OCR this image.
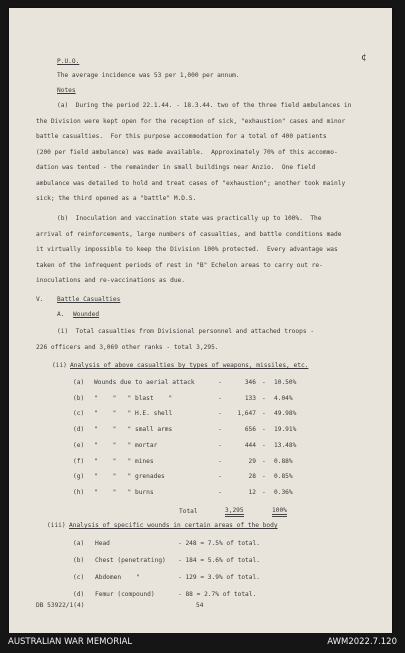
¢
P.U.O.
The average incidence was 53 per 1,000 per annum.
Notes
(a)  During the period 22.1.44. - 18.3.44. two of the three field ambulances in
the Division were kept open for the reception of sick, "exhaustion" cases and minor
battle casualties.  For this purpose accommodation for a total of 400 patients
(200 per field ambulance) was made available.  Approximately 70% of this accommo-
dation was tented - the remainder in small buildings near Anzio.  One field
ambulance was detailed to hold and treat cases of "exhaustion"; another took mainly
sick; the third opened as a "battle" M.D.S.
(b)  Inoculation and vaccination state was practically up to 100%.  The
arrival of reinforcements, large numbers of casualties, and battle conditions made
it virtually impossible to keep the Division 100% protected.  Every advantage was
taken of the infrequent periods of rest in "B" Echelon areas to carry out re-
inoculations and re-vaccinations as due.
V. Battle Casualties
A. Wounded
(i)  Total casualties from Divisional personnel and attached troops -
226 officers and 3,069 other ranks - total 3,295.
(ii) Analysis of above casualties by types of weapons, missiles, etc.
(a) Wounds due to aerial attack	346	10.50%
-	-
(b) "    "   " blast    "	133	4.04%
-	-
(c) "    "   " H.E. shell	1,647	49.98%
-	-
(d) "    "   " small arms	656	19.91%
-	-
(e) "    "   " mortar	444	13.48%
-	-
(f) "    "   " mines	29	0.88%
-	-
(g) "    "   " grenades	28	0.85%
-	-
(h) "    "   " burns	12	0.36%
-	-
Total	3,295	100%
(iii) Analysis of specific wounds in certain areas of the body
(a) Head	- 248 = 7.5% of total.
(b) Chest (penetrating) - 184 = 5.6% of total.
(c) Abdomen    "	- 129 = 3.9% of total.
(d) Femur (compound)	- 88 = 2.7% of total.
DB 53922/1(4)	54
AUSTRALIAN WAR MEMORIAL	AWM2022.7.120
